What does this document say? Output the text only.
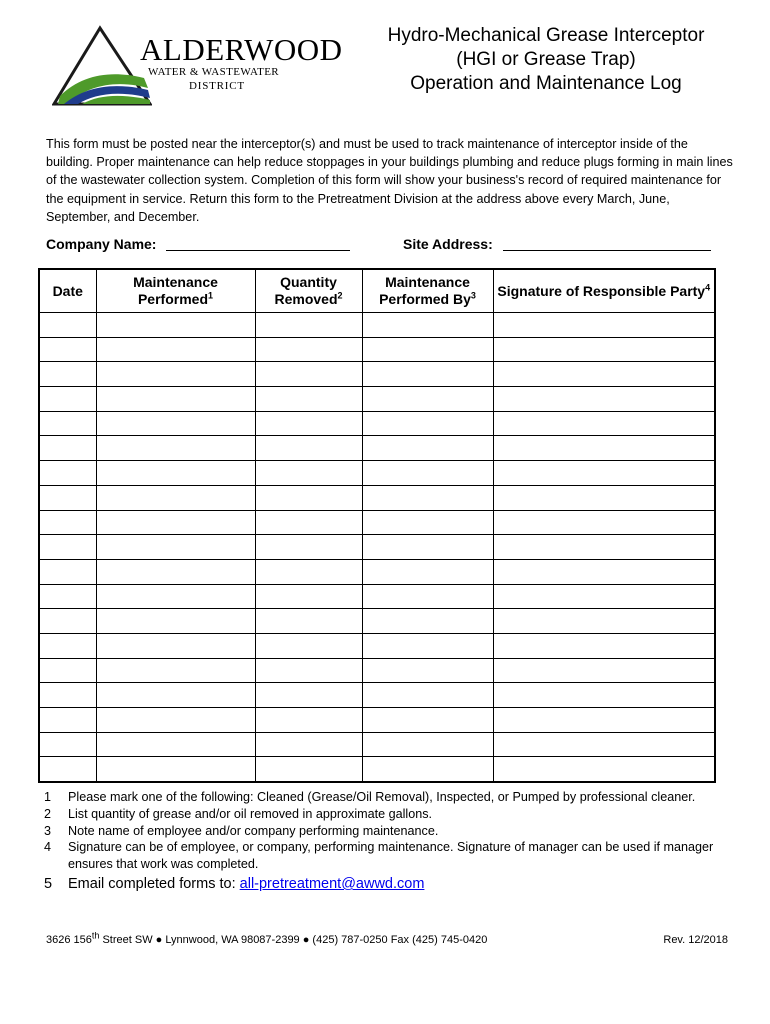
ALDERWOOD
WATER & WASTEWATER
DISTRICT
Hydro-Mechanical Grease Interceptor
(HGI or Grease Trap)
Operation and Maintenance Log
This form must be posted near the interceptor(s) and must be used to track maintenance of interceptor inside of the building. Proper maintenance can help reduce stoppages in your buildings plumbing and reduce plugs forming in main lines of the wastewater collection system. Completion of this form will show your business's record of required maintenance for the equipment in service. Return this form to the Pretreatment Division at the address above every March, June, September, and December.
Company Name:	Site Address:
Date	Maintenance Performed$^1$	Quantity Removed$^2$	Maintenance Performed By$^3$	Signature of Responsible Party$^4$

1	Please mark one of the following: Cleaned (Grease/Oil Removal), Inspected, or Pumped by professional cleaner.
2	List quantity of grease and/or oil removed in approximate gallons.
3	Note name of employee and/or company performing maintenance.
4	Signature can be of employee, or company, performing maintenance. Signature of manager can be used if manager ensures that work was completed.
5	Email completed forms to: all-pretreatment@awwd.com
3626 156th Street SW ● Lynnwood, WA 98087-2399 ● (425) 787-0250 Fax (425) 745-0420	Rev. 12/2018
